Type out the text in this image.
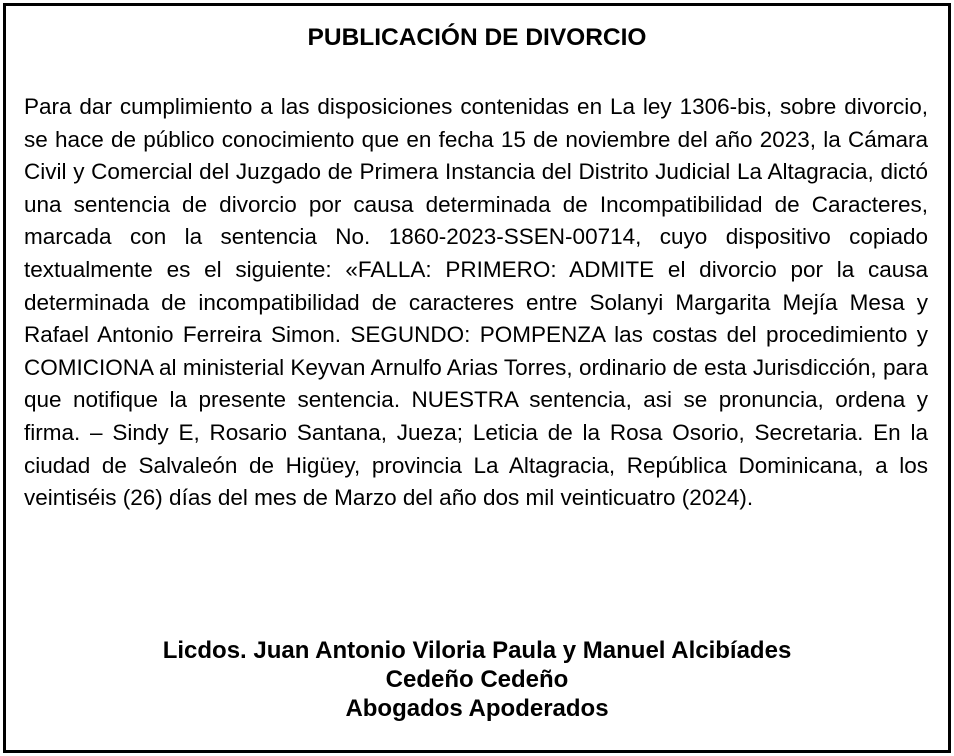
PUBLICACIÓN DE DIVORCIO

Para dar cumplimiento a las disposiciones contenidas en La ley 1306-bis, sobre divorcio, se hace de público conocimiento que en fecha 15 de noviembre del año 2023, la Cámara Civil y Comercial del Juzgado de Primera Instancia del Distrito Judicial La Altagracia, dictó una sentencia de divorcio por causa determinada de Incompatibilidad de Caracteres, marcada con la sentencia No. 1860-2023-SSEN-00714, cuyo dispositivo copiado textualmente es el siguiente: «FALLA: PRIMERO: ADMITE el divorcio por la causa determinada de incompatibilidad de caracteres entre Solanyi Margarita Mejía Mesa y Rafael Antonio Ferreira Simon. SEGUNDO: POMPENZA las costas del procedimiento y COMICIONA al ministerial Keyvan Arnulfo Arias Torres, ordinario de esta Jurisdicción, para que notifique la presente sentencia. NUESTRA sentencia, asi se pronuncia, ordena y firma. – Sindy E, Rosario Santana, Jueza; Leticia de la Rosa Osorio, Secretaria. En la ciudad de Salvaleón de Higüey, provincia La Altagracia, República Dominicana, a los veintiséis (26) días del mes de Marzo del año dos mil veinticuatro (2024).

Licdos. Juan Antonio Viloria Paula y Manuel Alcibíades
Cedeño Cedeño
Abogados Apoderados
